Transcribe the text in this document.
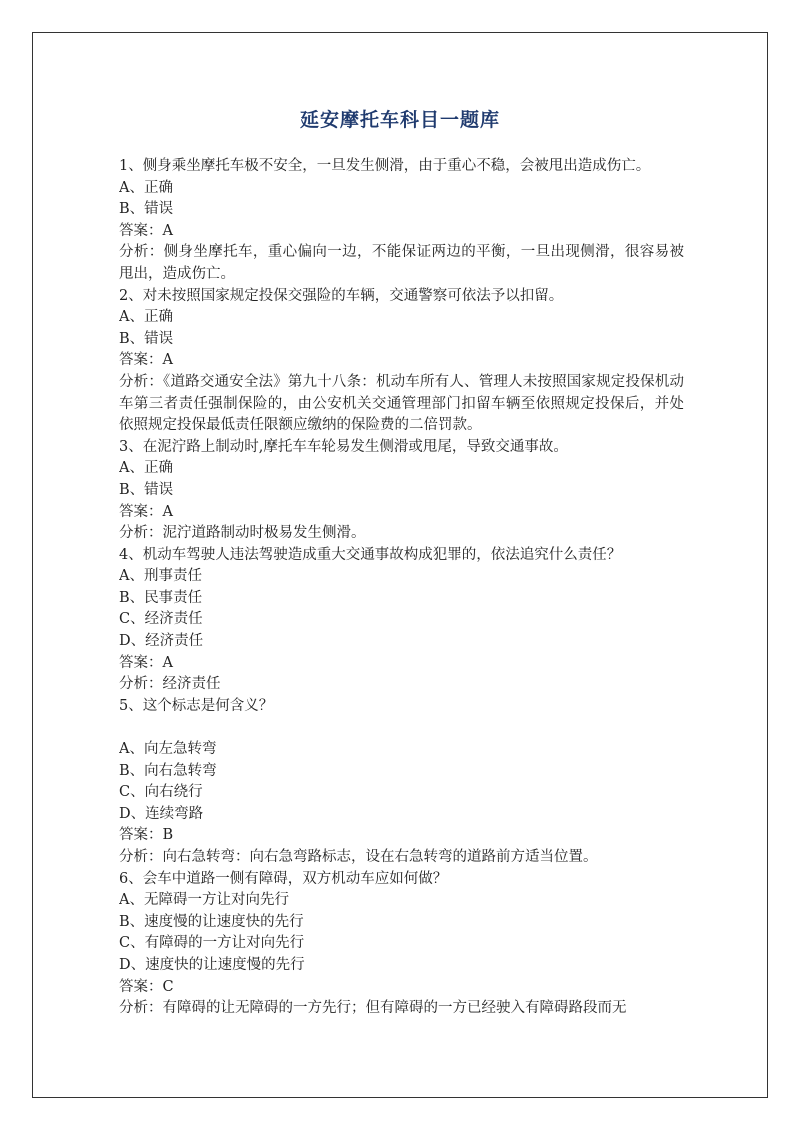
延安摩托车科目一题库
1、侧身乘坐摩托车极不安全，一旦发生侧滑，由于重心不稳，会被甩出造成伤亡。
A、正确
B、错误
答案：A
分析：侧身坐摩托车，重心偏向一边，不能保证两边的平衡，一旦出现侧滑，很容易被甩出，造成伤亡。
2、对未按照国家规定投保交强险的车辆，交通警察可依法予以扣留。
A、正确
B、错误
答案：A
分析：《道路交通安全法》第九十八条：机动车所有人、管理人未按照国家规定投保机动车第三者责任强制保险的，由公安机关交通管理部门扣留车辆至依照规定投保后，并处依照规定投保最低责任限额应缴纳的保险费的二倍罚款。
3、在泥泞路上制动时,摩托车车轮易发生侧滑或甩尾，导致交通事故。
A、正确
B、错误
答案：A
分析：泥泞道路制动时极易发生侧滑。
4、机动车驾驶人违法驾驶造成重大交通事故构成犯罪的，依法追究什么责任？
A、刑事责任
B、民事责任
C、经济责任
D、经济责任
答案：A
分析：经济责任
5、这个标志是何含义？
A、向左急转弯
B、向右急转弯
C、向右绕行
D、连续弯路
答案：B
分析：向右急转弯：向右急弯路标志，设在右急转弯的道路前方适当位置。
6、会车中道路一侧有障碍，双方机动车应如何做？
A、无障碍一方让对向先行
B、速度慢的让速度快的先行
C、有障碍的一方让对向先行
D、速度快的让速度慢的先行
答案：C
分析：有障碍的让无障碍的一方先行；但有障碍的一方已经驶入有障碍路段而无
